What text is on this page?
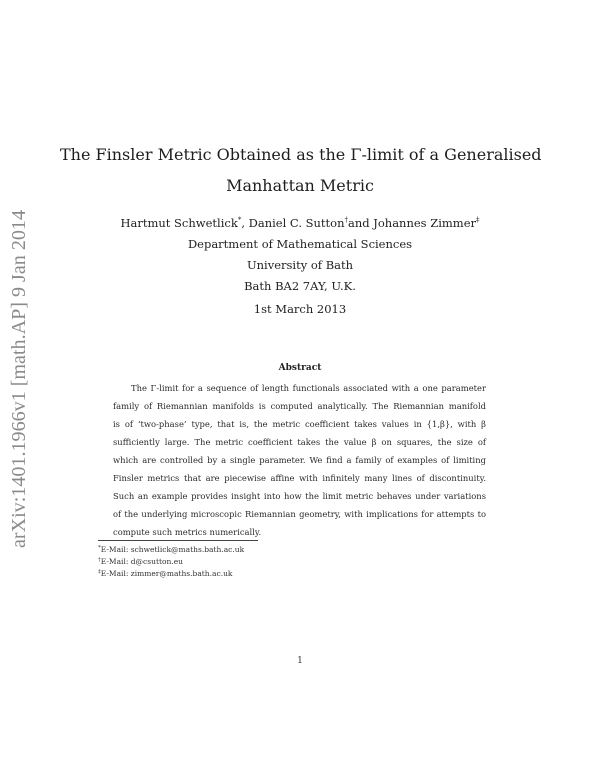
arXiv:1401.1966v1 [math.AP] 9 Jan 2014
The Finsler Metric Obtained as the Γ-limit of a Generalised
Manhattan Metric
Hartmut Schwetlick*, Daniel C. Sutton†and Johannes Zimmer‡
Department of Mathematical Sciences
University of Bath
Bath BA2 7AY, U.K.
1st March 2013
Abstract
The Γ-limit for a sequence of length functionals associated with a one parameter
family of Riemannian manifolds is computed analytically. The Riemannian manifold
is of ‘two-phase’ type, that is, the metric coefficient takes values in {1,β}, with β
sufficiently large. The metric coefficient takes the value β on squares, the size of
which are controlled by a single parameter. We find a family of examples of limiting
Finsler metrics that are piecewise affine with infinitely many lines of discontinuity.
Such an example provides insight into how the limit metric behaves under variations
of the underlying microscopic Riemannian geometry, with implications for attempts to
compute such metrics numerically.
*E-Mail: schwetlick@maths.bath.ac.uk
†E-Mail: d@csutton.eu
‡E-Mail: zimmer@maths.bath.ac.uk
1
